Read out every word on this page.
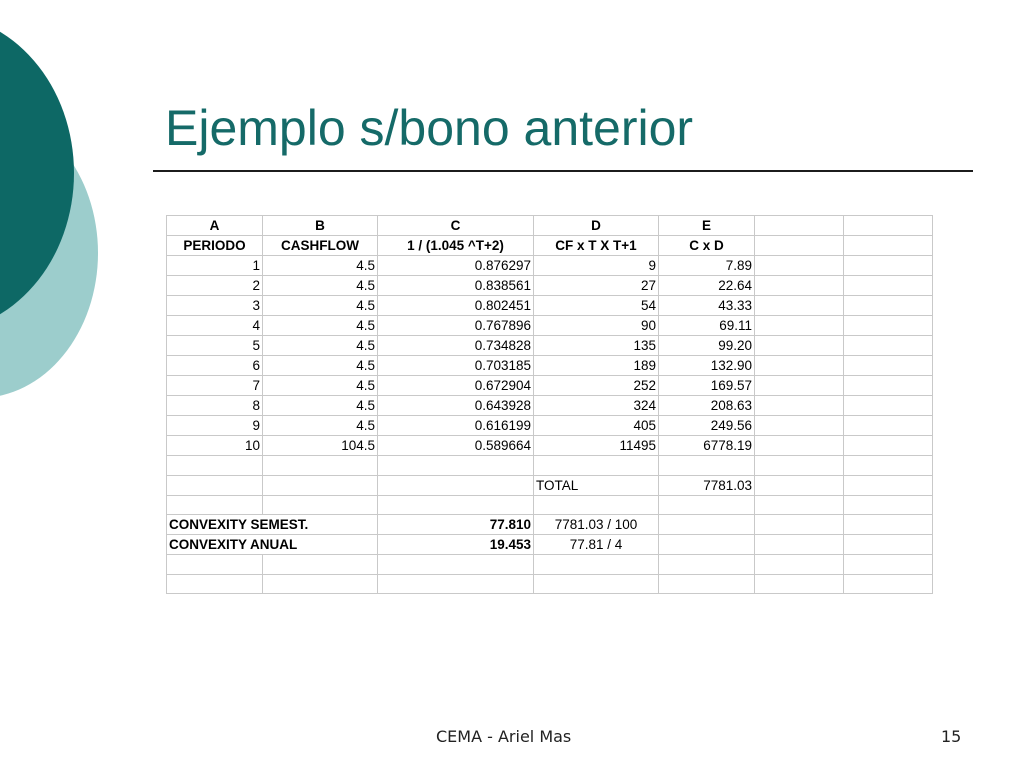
Ejemplo s/bono anterior
A	B	C	D	E		
PERIODO	CASHFLOW	1 / (1.045 ^T+2)	CF x T X T+1	C x D		
1	4.5	0.876297	9	7.89		
2	4.5	0.838561	27	22.64		
3	4.5	0.802451	54	43.33		
4	4.5	0.767896	90	69.11		
5	4.5	0.734828	135	99.20		
6	4.5	0.703185	189	132.90		
7	4.5	0.672904	252	169.57		
8	4.5	0.643928	324	208.63		
9	4.5	0.616199	405	249.56		
10	104.5	0.589664	11495	6778.19		

			TOTAL	7781.03		

CONVEXITY SEMEST.		77.810	7781.03 / 100			
CONVEXITY ANUAL		19.453	77.81 / 4			

CEMA - Ariel Mas	15
